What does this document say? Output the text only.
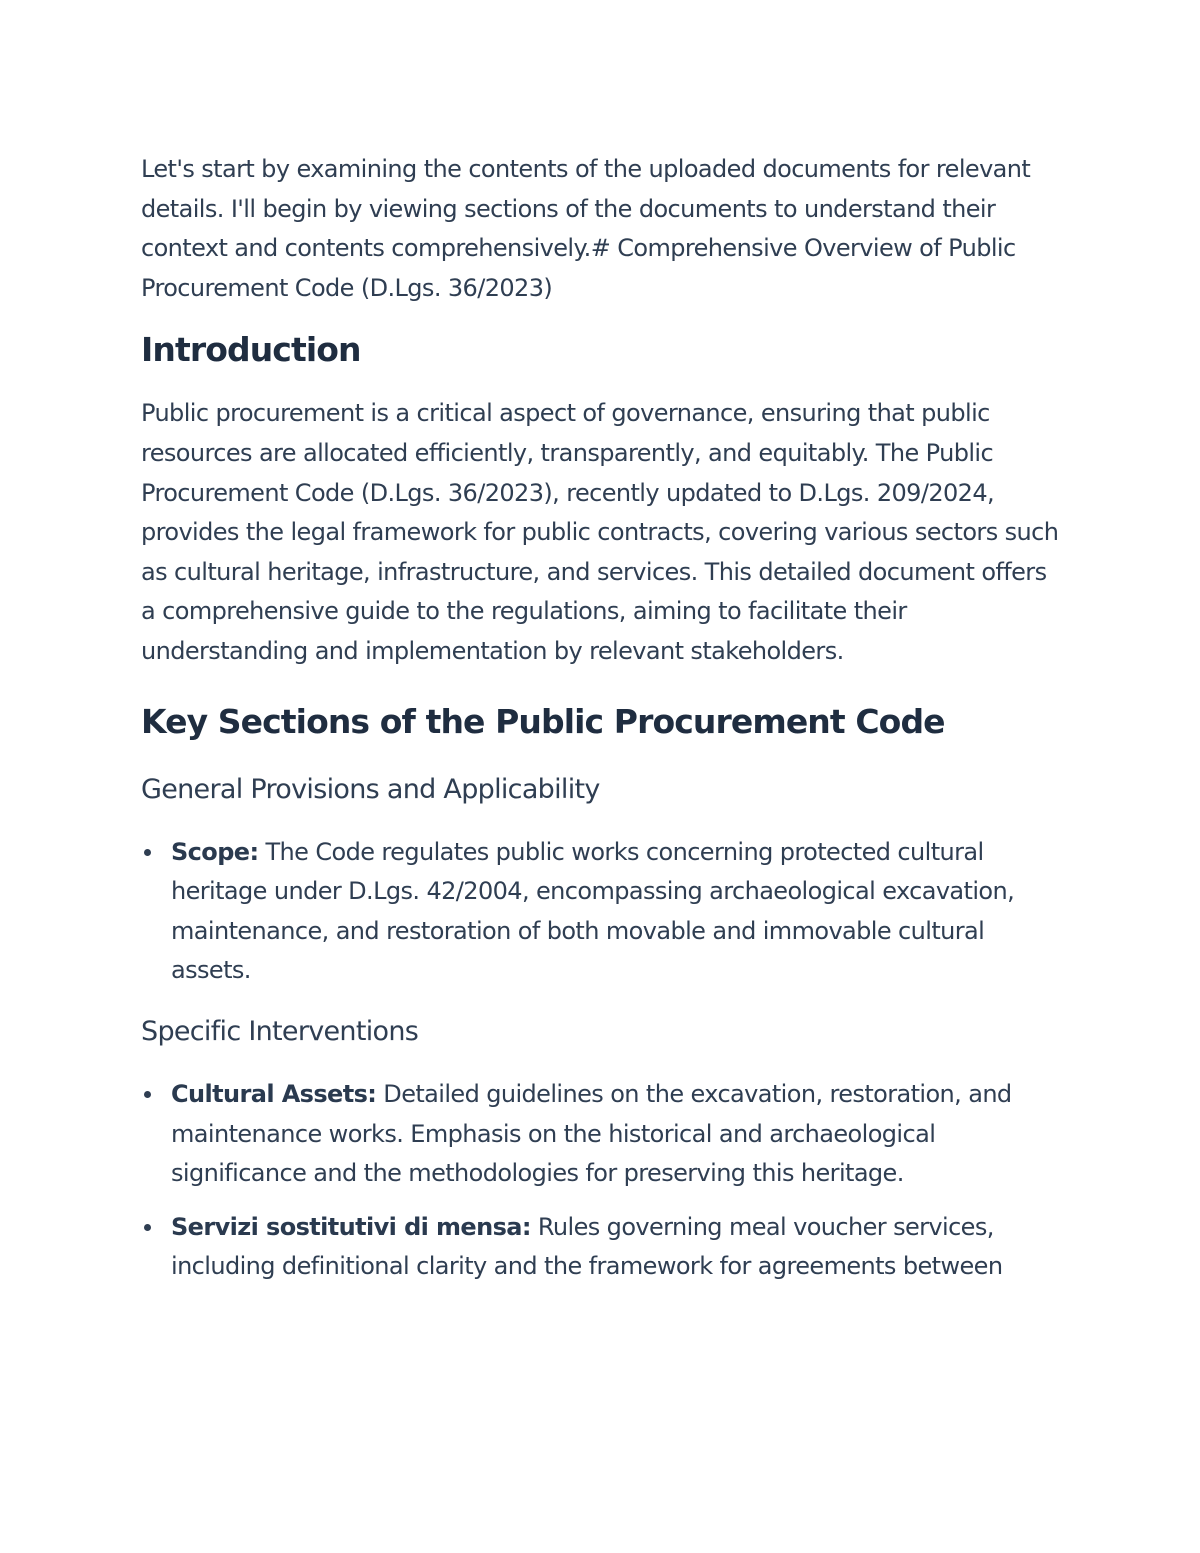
Let's start by examining the contents of the uploaded documents for relevant details. I'll begin by viewing sections of the documents to understand their context and contents comprehensively.# Comprehensive Overview of Public Procurement Code (D.Lgs. 36/2023)

Introduction

Public procurement is a critical aspect of governance, ensuring that public resources are allocated efficiently, transparently, and equitably. The Public Procurement Code (D.Lgs. 36/2023), recently updated to D.Lgs. 209/2024, provides the legal framework for public contracts, covering various sectors such as cultural heritage, infrastructure, and services. This detailed document offers a comprehensive guide to the regulations, aiming to facilitate their understanding and implementation by relevant stakeholders.

Key Sections of the Public Procurement Code
General Provisions and Applicability
Scope: The Code regulates public works concerning protected cultural heritage under D.Lgs. 42/2004, encompassing archaeological excavation, maintenance, and restoration of both movable and immovable cultural assets.
Specific Interventions
Cultural Assets: Detailed guidelines on the excavation, restoration, and maintenance works. Emphasis on the historical and archaeological significance and the methodologies for preserving this heritage.
Servizi sostitutivi di mensa: Rules governing meal voucher services, including definitional clarity and the framework for agreements between
